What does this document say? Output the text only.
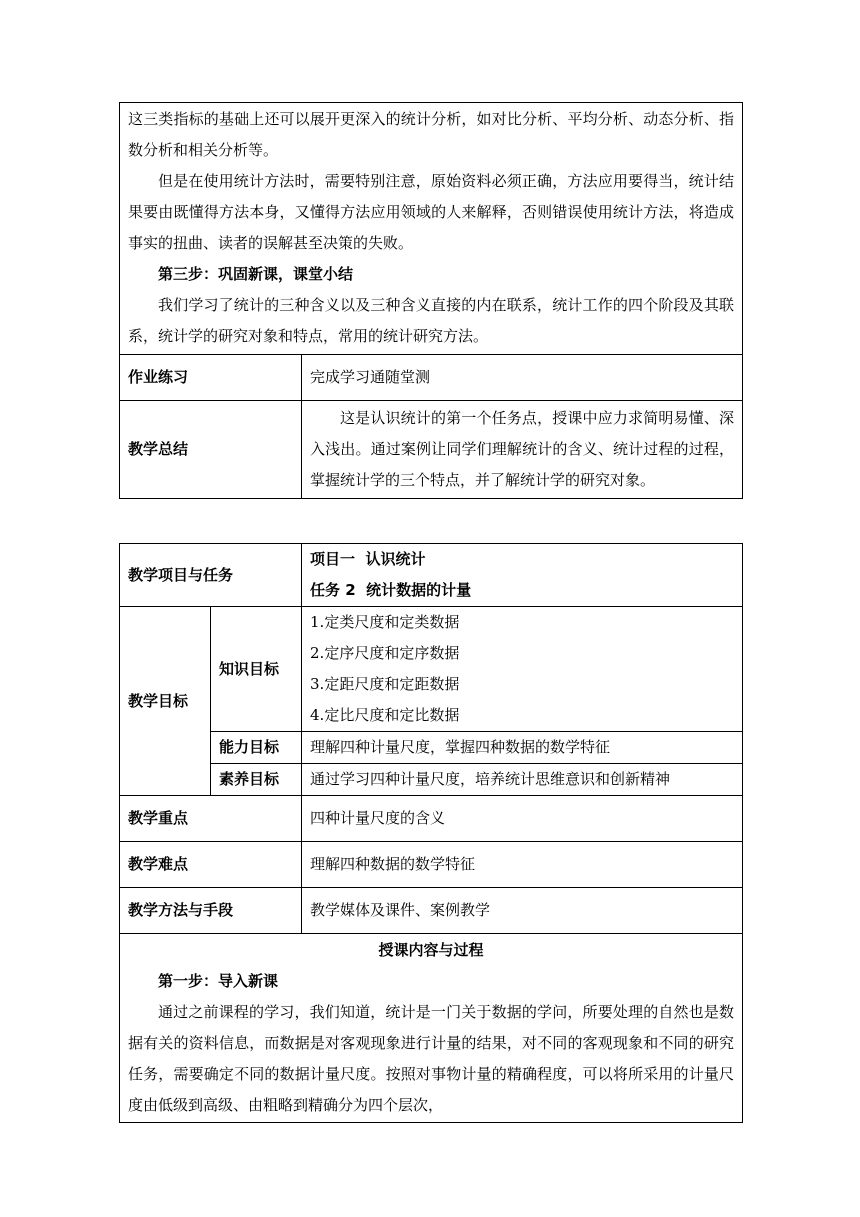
这三类指标的基础上还可以展开更深入的统计分析，如对比分析、平均分析、动态分析、指数分析和相关分析等。

但是在使用统计方法时，需要特别注意，原始资料必须正确，方法应用要得当，统计结果要由既懂得方法本身，又懂得方法应用领域的人来解释，否则错误使用统计方法，将造成事实的扭曲、读者的误解甚至决策的失败。

第三步：巩固新课，课堂小结

我们学习了统计的三种含义以及三种含义直接的内在联系，统计工作的四个阶段及其联系，统计学的研究对象和特点，常用的统计研究方法。	

作业练习	完成学习通随堂测
教学总结	这是认识统计的第一个任务点，授课中应力求简明易懂、深入浅出。通过案例让同学们理解统计的含义、统计过程的过程，掌握统计学的三个特点，并了解统计学的研究对象。

教学项目与任务		项目一  认识统计
任务 2  统计数据的计量

教学目标	知识目标	1.定类尺度和定类数据
2.定序尺度和定序数据
3.定距尺度和定距数据
4.定比尺度和定比数据

	能力目标	理解四种计量尺度，掌握四种数据的数学特征
	素养目标	通过学习四种计量尺度，培养统计思维意识和创新精神
教学重点		四种计量尺度的含义
教学难点		理解四种数据的数学特征
教学方法与手段		教学媒体及课件、案例教学

授课内容与过程

第一步：导入新课

通过之前课程的学习，我们知道，统计是一门关于数据的学问，所要处理的自然也是数据有关的资料信息，而数据是对客观现象进行计量的结果，对不同的客观现象和不同的研究任务，需要确定不同的数据计量尺度。按照对事物计量的精确程度，可以将所采用的计量尺度由低级到高级、由粗略到精确分为四个层次，		
